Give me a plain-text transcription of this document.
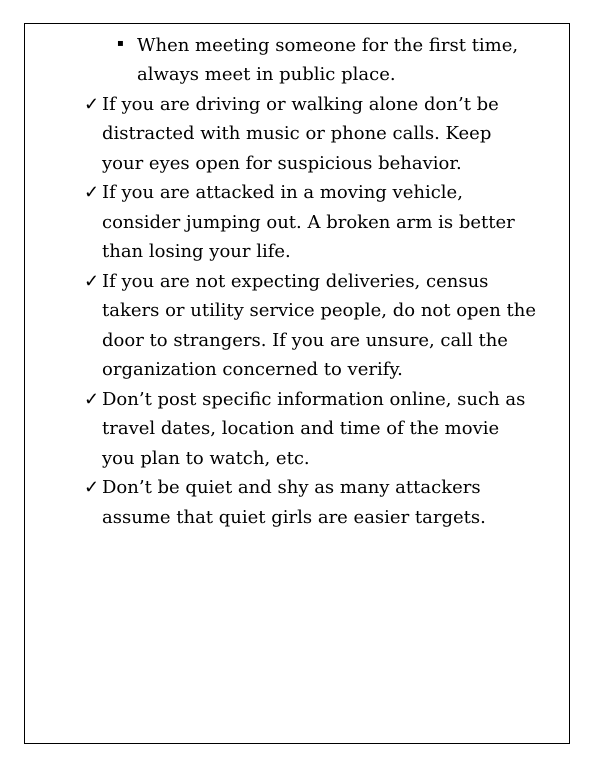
▪ When meeting someone for the first time,
always meet in public place.
✓ If you are driving or walking alone don’t be
distracted with music or phone calls. Keep
your eyes open for suspicious behavior.
✓ If you are attacked in a moving vehicle,
consider jumping out. A broken arm is better
than losing your life.
✓ If you are not expecting deliveries, census
takers or utility service people, do not open the
door to strangers. If you are unsure, call the
organization concerned to verify.
✓ Don’t post specific information online, such as
travel dates, location and time of the movie
you plan to watch, etc.
✓ Don’t be quiet and shy as many attackers
assume that quiet girls are easier targets.
